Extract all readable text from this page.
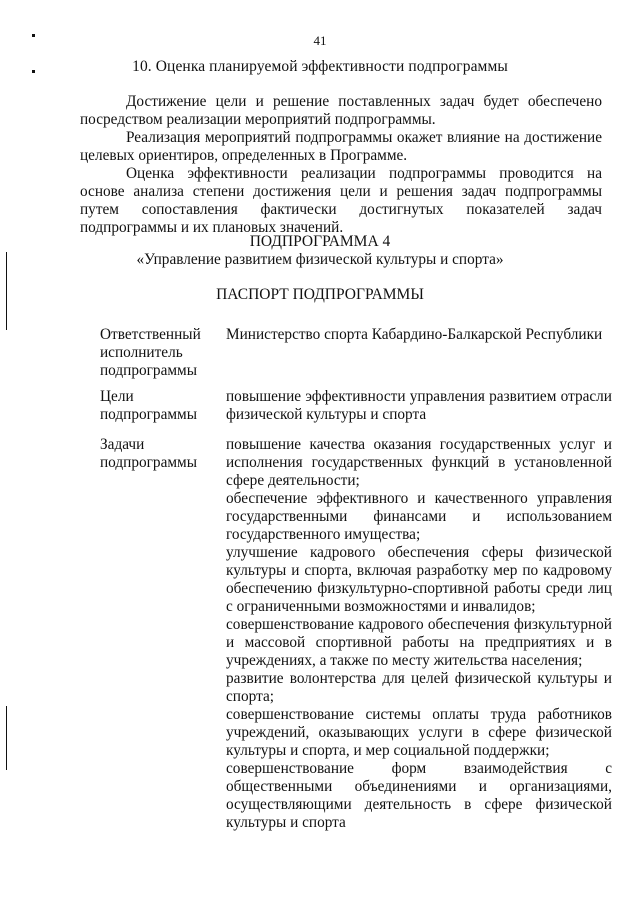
41
10. Оценка планируемой эффективности подпрограммы

Достижение цели и решение поставленных задач будет обеспечено посредством реализации мероприятий подпрограммы.

Реализация мероприятий подпрограммы окажет влияние на достижение целевых ориентиров, определенных в Программе.

Оценка эффективности реализации подпрограммы проводится на основе анализа степени достижения цели и решения задач подпрограммы путем сопоставления фактически достигнутых показателей задач подпрограммы и их плановых значений.

ПОДПРОГРАММА 4
«Управление развитием физической культуры и спорта»
ПАСПОРТ ПОДПРОГРАММЫ
Ответственный исполнитель подпрограммы
Министерство спорта Кабардино-Балкарской Республики
Цели подпрограммы
повышение эффективности управления развитием отрасли физической культуры и спорта
Задачи подпрограммы
повышение качества оказания государственных услуг и исполнения государственных функций в установленной сфере деятельности;
обеспечение эффективного и качественного управления государственными финансами и использованием государственного имущества;
улучшение кадрового обеспечения сферы физической культуры и спорта, включая разработку мер по кадровому обеспечению физкультурно-спортивной работы среди лиц с ограниченными возможностями и инвалидов;
совершенствование кадрового обеспечения физкультурной и массовой спортивной работы на предприятиях и в учреждениях, а также по месту жительства населения;
развитие волонтерства для целей физической культуры и спорта;
совершенствование системы оплаты труда работников учреждений, оказывающих услуги в сфере физической культуры и спорта, и мер социальной поддержки;
совершенствование форм взаимодействия с общественными объединениями и организациями, осуществляющими деятельность в сфере физической культуры и спорта
